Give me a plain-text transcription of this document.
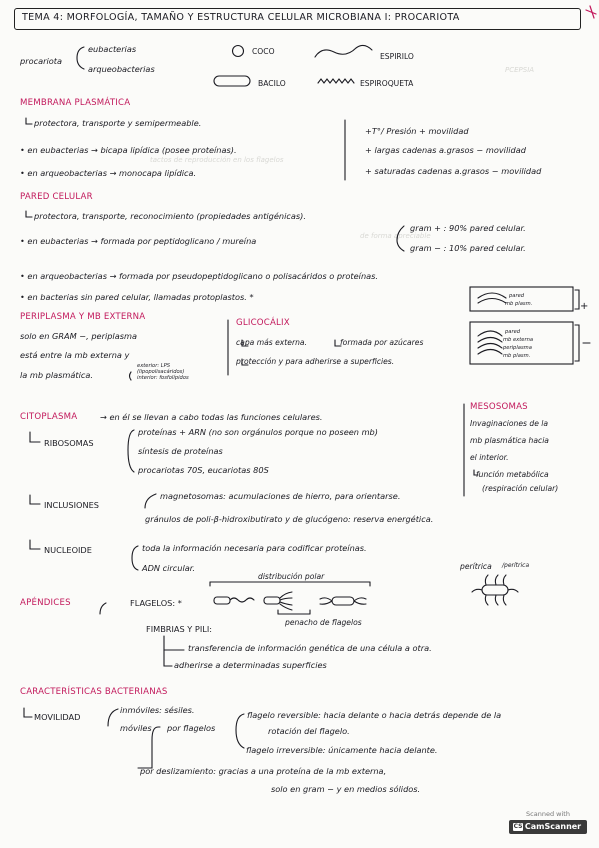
PCEPSIA
tactos de reproducción en los flagelos
de forma apreciable
TEMA 4: MORFOLOGÍA, TAMAÑO Y ESTRUCTURA CELULAR MICROBIANA I: PROCARIOTA
procariota
eubacterias
arqueobacterias
COCO
ESPIRILO
BACILO	ESPIROQUETA
MEMBRANA PLASMÁTICA
protectora, transporte y semipermeable.
• en eubacterias → bicapa lipídica (posee proteínas).
• en arqueobacterias → monocapa lipídica.
+T°/ Presión + movilidad
+ largas cadenas a.grasos − movilidad
+ saturadas cadenas a.grasos − movilidad
PARED CELULAR
protectora, transporte, reconocimiento (propiedades antigénicas).
• en eubacterias → formada por peptidoglicano / mureína
gram + : 90% pared celular.
gram − : 10% pared celular.
• en arqueobacterias → formada por pseudopeptidoglicano o polisacáridos o proteínas.
• en bacterias sin pared celular, llamadas protoplastos. *	pared
mb plasm.
pared
mb externa
periplasma
mb plasm.
+
PERIPLASMA Y MB EXTERNA
solo en GRAM −, periplasma
está entre la mb externa y
la mb plasmática.
exterior: LPS
(lipopolisacáridos)
interior: fosfolípidos
GLICOCÁLIX
capa más externa.	formada por azúcares
protección y para adherirse a superficies.
CITOPLASMA	→ en él se llevan a cabo todas las funciones celulares.
RIBOSOMAS
proteínas + ARN (no son orgánulos porque no poseen mb)
síntesis de proteínas
procariotas 70S, eucariotas 80S
INCLUSIONES
magnetosomas: acumulaciones de hierro, para orientarse.
gránulos de poli-β-hidroxibutirato y de glucógeno: reserva energética.
NUCLEOIDE	toda la información necesaria para codificar proteínas.
ADN circular.
MESOSOMAS
Invaginaciones de la
mb plasmática hacia
el interior.
función metabólica
(respiración celular)
APÉNDICES	FLAGELOS: *
distribución polar
perítrica /perítrica
penacho de flagelos
FIMBRIAS Y PILI:
transferencia de información genética de una célula a otra.
adherirse a determinadas superficies
CARACTERÍSTICAS BACTERIANAS
MOVILIDAD
inmóviles: sésiles.
móviles por flagelos
flagelo reversible: hacia delante o hacia detrás depende de la
rotación del flagelo.
flagelo irreversible: únicamente hacia delante.
por deslizamiento: gracias a una proteína de la mb externa,
solo en gram − y en medios sólidos.
Scanned with
CS CamScanner
